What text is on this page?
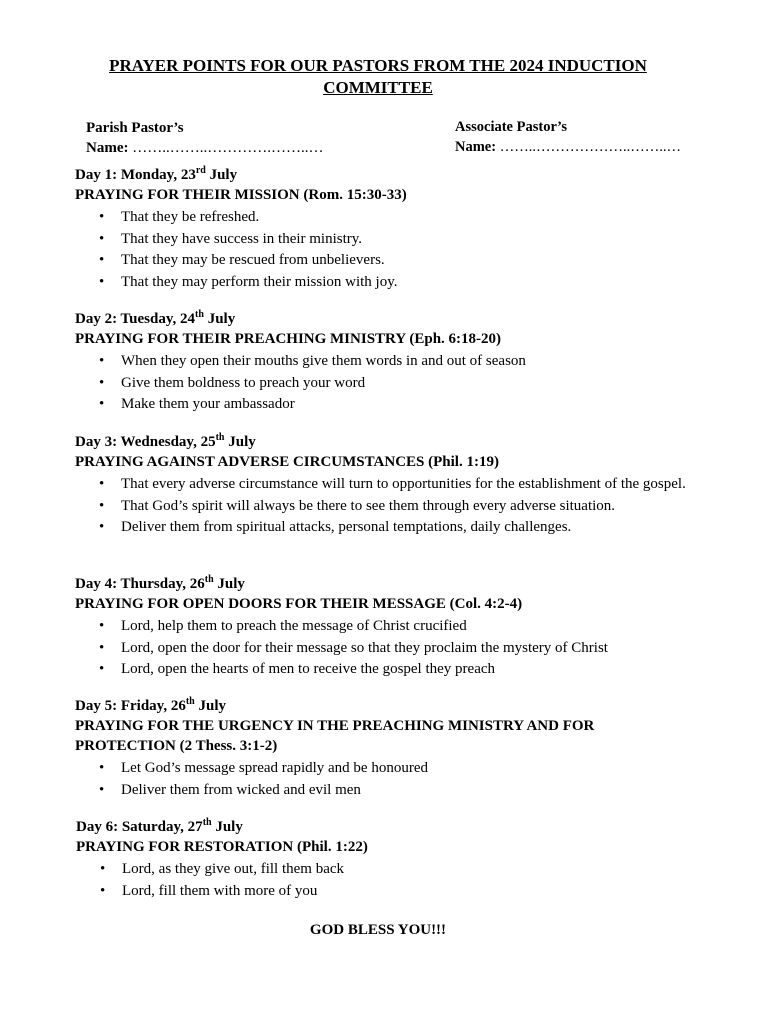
PRAYER POINTS FOR OUR PASTORS FROM THE 2024 INDUCTION COMMITTEE
Parish Pastor’s
Name: ……..……..………….……..…
Associate Pastor’s
Name: ……..………………..……..…
Day 1: Monday, 23rd July
PRAYING FOR THEIR MISSION (Rom. 15:30-33)
• That they be refreshed.
• That they have success in their ministry.
• That they may be rescued from unbelievers.
• That they may perform their mission with joy.
Day 2: Tuesday, 24th July
PRAYING FOR THEIR PREACHING MINISTRY (Eph. 6:18-20)
• When they open their mouths give them words in and out of season
• Give them boldness to preach your word
• Make them your ambassador
Day 3: Wednesday, 25th July
PRAYING AGAINST ADVERSE CIRCUMSTANCES (Phil. 1:19)
• That every adverse circumstance will turn to opportunities for the establishment of the gospel.
• That God’s spirit will always be there to see them through every adverse situation.
• Deliver them from spiritual attacks, personal temptations, daily challenges.
Day 4: Thursday, 26th July
PRAYING FOR OPEN DOORS FOR THEIR MESSAGE (Col. 4:2-4)
• Lord, help them to preach the message of Christ crucified
• Lord, open the door for their message so that they proclaim the mystery of Christ
• Lord, open the hearts of men to receive the gospel they preach
Day 5: Friday, 26th July
PRAYING FOR THE URGENCY IN THE PREACHING MINISTRY AND FOR PROTECTION (2 Thess. 3:1-2)
• Let God’s message spread rapidly and be honoured
• Deliver them from wicked and evil men
Day 6: Saturday, 27th July
PRAYING FOR RESTORATION (Phil. 1:22)
• Lord, as they give out, fill them back
• Lord, fill them with more of you
GOD BLESS YOU!!!
